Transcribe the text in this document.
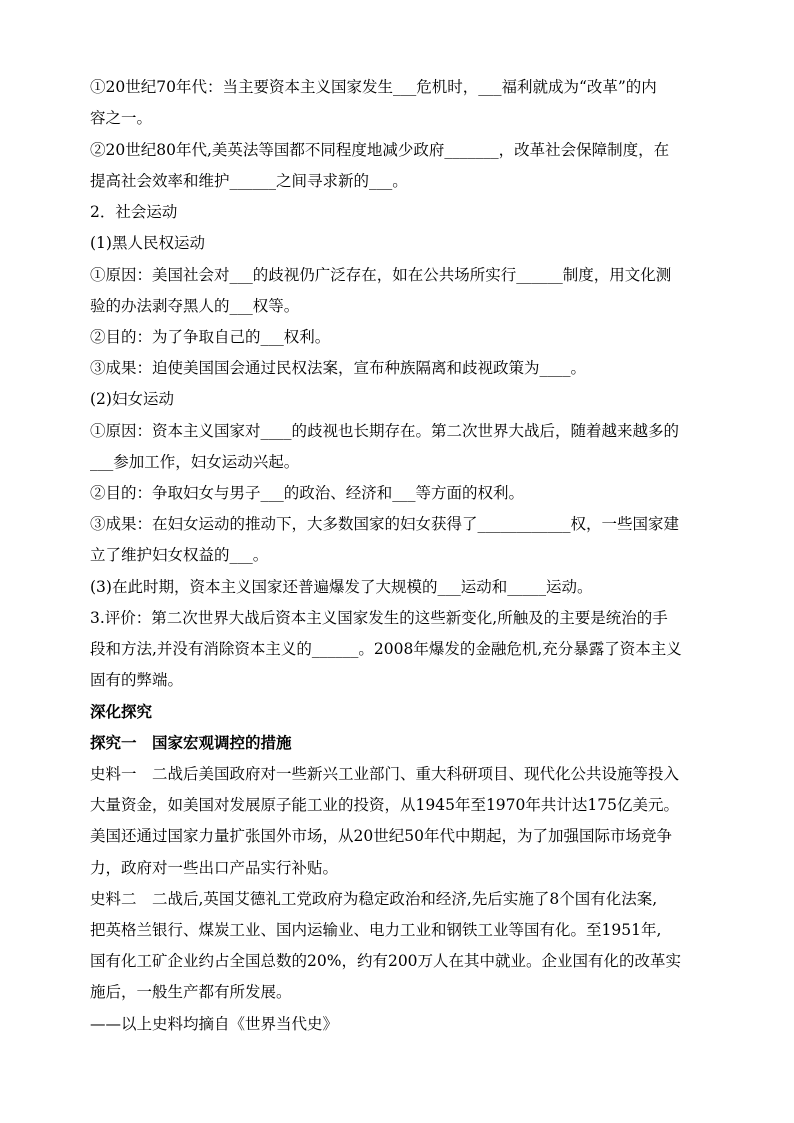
①20世纪70年代：当主要资本主义国家发生___危机时，___福利就成为“改革”的内
容之一。
②20世纪80年代,美英法等国都不同程度地减少政府_______，改革社会保障制度，在
提高社会效率和维护______之间寻求新的___。
2．社会运动
(1)黑人民权运动
①原因：美国社会对___的歧视仍广泛存在，如在公共场所实行______制度，用文化测
验的办法剥夺黑人的___权等。
②目的：为了争取自己的___权利。
③成果：迫使美国国会通过民权法案，宣布种族隔离和歧视政策为____。
(2)妇女运动
①原因：资本主义国家对____的歧视也长期存在。第二次世界大战后，随着越来越多的
___参加工作，妇女运动兴起。
②目的：争取妇女与男子___的政治、经济和___等方面的权利。
③成果：在妇女运动的推动下，大多数国家的妇女获得了____________权，一些国家建
立了维护妇女权益的___。
(3)在此时期，资本主义国家还普遍爆发了大规模的___运动和_____运动。
3.评价：第二次世界大战后资本主义国家发生的这些新变化,所触及的主要是统治的手
段和方法,并没有消除资本主义的______。2008年爆发的金融危机,充分暴露了资本主义
固有的弊端。
深化探究
探究一　国家宏观调控的措施
史料一　二战后美国政府对一些新兴工业部门、重大科研项目、现代化公共设施等投入
大量资金，如美国对发展原子能工业的投资，从1945年至1970年共计达175亿美元。
美国还通过国家力量扩张国外市场，从20世纪50年代中期起，为了加强国际市场竞争
力，政府对一些出口产品实行补贴。
史料二　二战后,英国艾德礼工党政府为稳定政治和经济,先后实施了8个国有化法案,
把英格兰银行、煤炭工业、国内运输业、电力工业和钢铁工业等国有化。至1951年,
国有化工矿企业约占全国总数的20%，约有200万人在其中就业。企业国有化的改革实
施后，一般生产都有所发展。
——以上史料均摘自《世界当代史》
